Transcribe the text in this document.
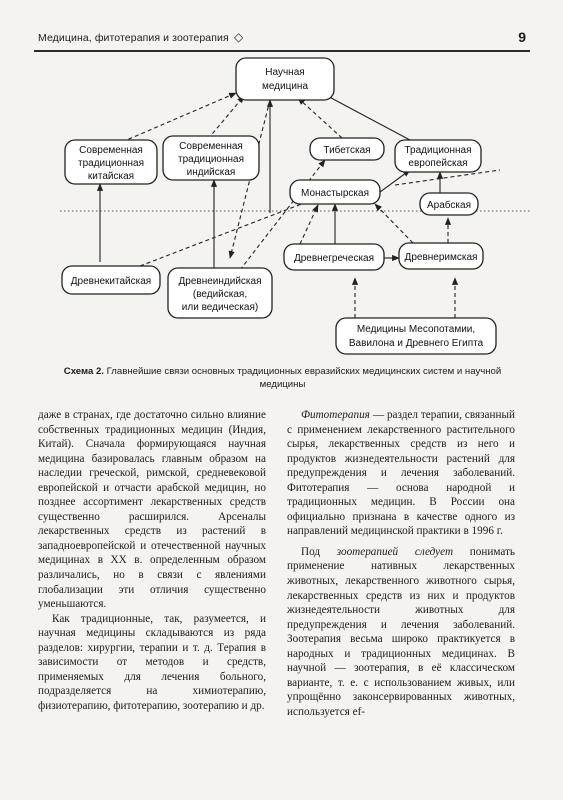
Медицина, фитотерапия и зоотерапия ◇	9
Научная
медицина
Современная
традиционная
китайская
Современная
традиционная
индийская
Тибетская	Традиционная
европейская
Монастырская
Арабская
Древнекитайская	Древнеиндийская
(ведийская,
или ведическая)
Древнегреческая	Древнеримская
Медицины Месопотамии,
Вавилона и Древнего Египта
Схема 2. Главнейшие связи основных традиционных евразийских медицинских систем и научной медицины

даже в странах, где достаточно сильно влияние собственных традиционных медицин (Индия, Китай). Сначала формирующаяся научная медицина базировалась главным образом на наследии греческой, римской, средневековой европейской и отчасти арабской медицин, но позднее ассортимент лекарственных средств существенно расширился. Арсеналы лекарственных средств из растений в западноевропейской и отечественной научных медицинах в XX в. определенным образом различались, но в связи с явлениями глобализации эти отличия существенно уменьшаются.

Как традиционные, так, разумеется, и научная медицины складываются из ряда разделов: хирургии, терапии и т. д. Терапия в зависимости от методов и средств, применяемых для лечения больного, подразделяется на химиотерапию, физиотерапию, фитотерапию, зоотерапию и др.

Фитотерапия — раздел терапии, связанный с применением лекарственного растительного сырья, лекарственных средств из него и продуктов жизнедеятельности растений для предупреждения и лечения заболеваний. Фитотерапия — основа народной и традиционных медицин. В России она официально признана в качестве одного из направлений медицинской практики в 1996 г.

Под зоотерапией следует понимать применение нативных лекарственных животных, лекарственного животного сырья, лекарственных средств из них и продуктов жизнедеятельности животных для предупреждения и лечения заболеваний. Зоотерапия весьма широко практикуется в народных и традиционных медицинах. В научной — зоотерапия, в её классическом варианте, т. е. с использованием живых, или упрощённо законсервированных животных, используется ef-
